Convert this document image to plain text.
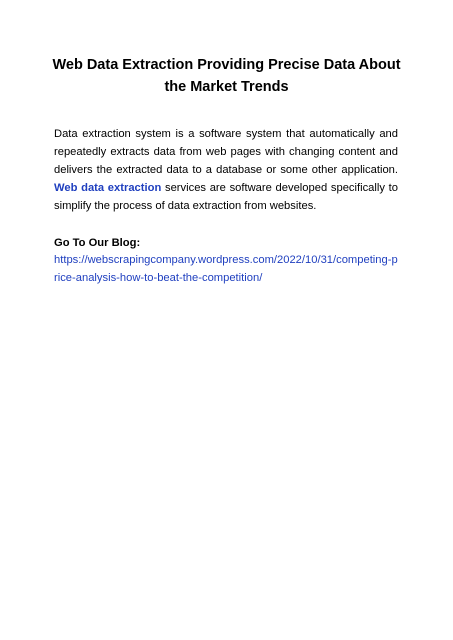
Web Data Extraction Providing Precise Data About the Market Trends

Data extraction system is a software system that automatically and repeatedly extracts data from web pages with changing content and delivers the extracted data to a database or some other application. Web data extraction services are software developed specifically to simplify the process of data extraction from websites.

Go To Our Blog:

https://webscrapingcompany.wordpress.com/2022/10/31/competing-price-analysis-how-to-beat-the-competition/
